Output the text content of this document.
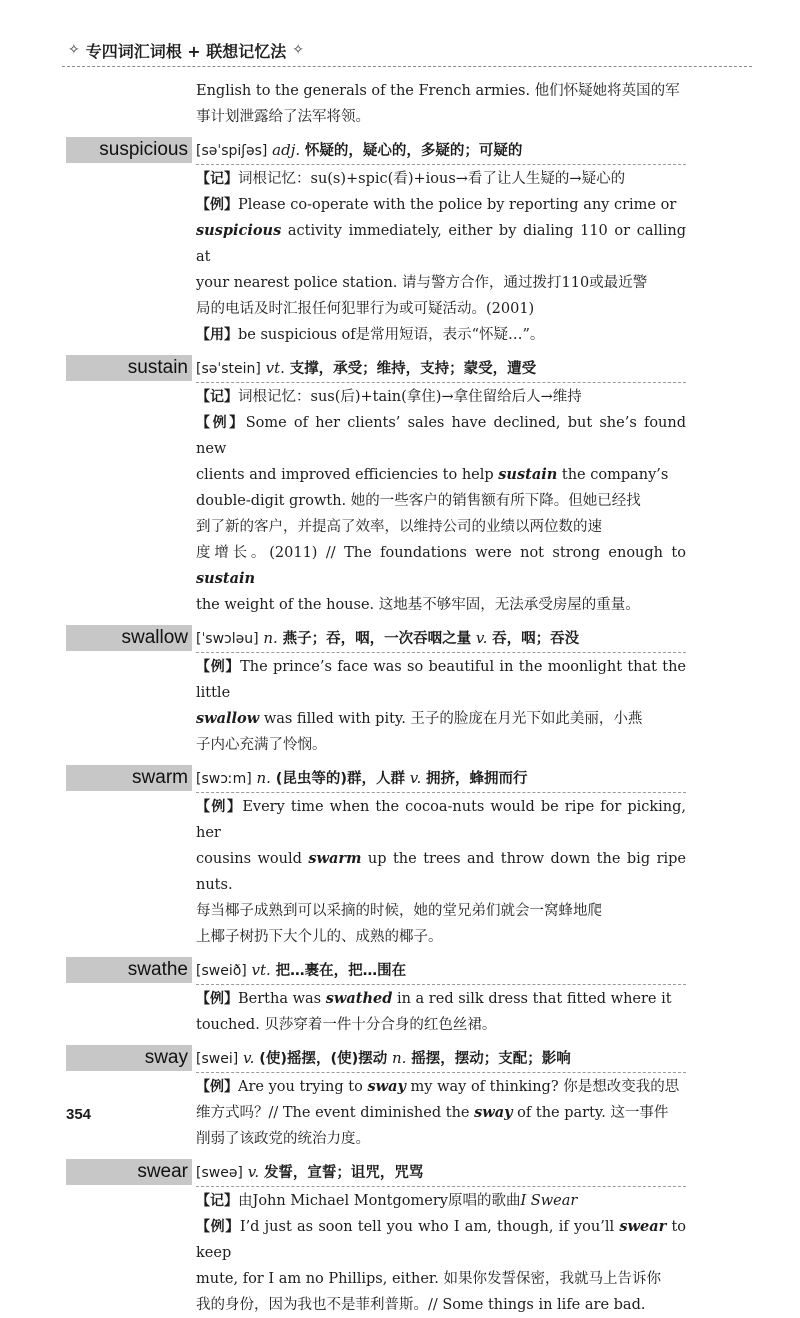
✧ 专四词汇词根 + 联想记忆法 ✧
English to the generals of the French armies. 他们怀疑她将英国的军
事计划泄露给了法军将领。
suspicious [səˈspiʃəs] adj. 怀疑的，疑心的，多疑的；可疑的
【记】词根记忆：su(s)+spic(看)+ious→看了让人生疑的→疑心的
【例】Please co-operate with the police by reporting any crime or
suspicious activity immediately, either by dialing 110 or calling at
your nearest police station. 请与警方合作，通过拨打110或最近警
局的电话及时汇报任何犯罪行为或可疑活动。(2001)
【用】be suspicious of是常用短语，表示“怀疑…”。
sustain [səˈstein] vt. 支撑，承受；维持，支持；蒙受，遭受
【记】词根记忆：sus(后)+tain(拿住)→拿住留给后人→维持
【例】Some of her clients’ sales have declined, but she’s found new
clients and improved efficiencies to help sustain the company’s
double-digit growth. 她的一些客户的销售额有所下降。但她已经找
到了新的客户，并提高了效率，以维持公司的业绩以两位数的速
度增长。(2011) // The foundations were not strong enough to sustain
the weight of the house. 这地基不够牢固，无法承受房屋的重量。
swallow [ˈswɔləu] n. 燕子；吞，咽，一次吞咽之量 v. 吞，咽；吞没
【例】The prince’s face was so beautiful in the moonlight that the little
swallow was filled with pity. 王子的脸庞在月光下如此美丽，小燕
子内心充满了怜悯。
swarm [swɔːm] n. (昆虫等的)群，人群 v. 拥挤，蜂拥而行
【例】Every time when the cocoa-nuts would be ripe for picking, her
cousins would swarm up the trees and throw down the big ripe nuts.
每当椰子成熟到可以采摘的时候，她的堂兄弟们就会一窝蜂地爬
上椰子树扔下大个儿的、成熟的椰子。
swathe [sweið] vt. 把…裹在，把…围在
【例】Bertha was swathed in a red silk dress that fitted where it
touched. 贝莎穿着一件十分合身的红色丝裙。
sway [swei] v. (使)摇摆，(使)摆动 n. 摇摆，摆动；支配；影响
【例】Are you trying to sway my way of thinking? 你是想改变我的思
维方式吗？// The event diminished the sway of the party. 这一事件
削弱了该政党的统治力度。
swear [sweə] v. 发誓，宣誓；诅咒，咒骂
【记】由John Michael Montgomery原唱的歌曲I Swear
【例】I’d just as soon tell you who I am, though, if you’ll swear to keep
mute, for I am no Phillips, either. 如果你发誓保密，我就马上告诉你
我的身份，因为我也不是菲利普斯。// Some things in life are bad.
354
